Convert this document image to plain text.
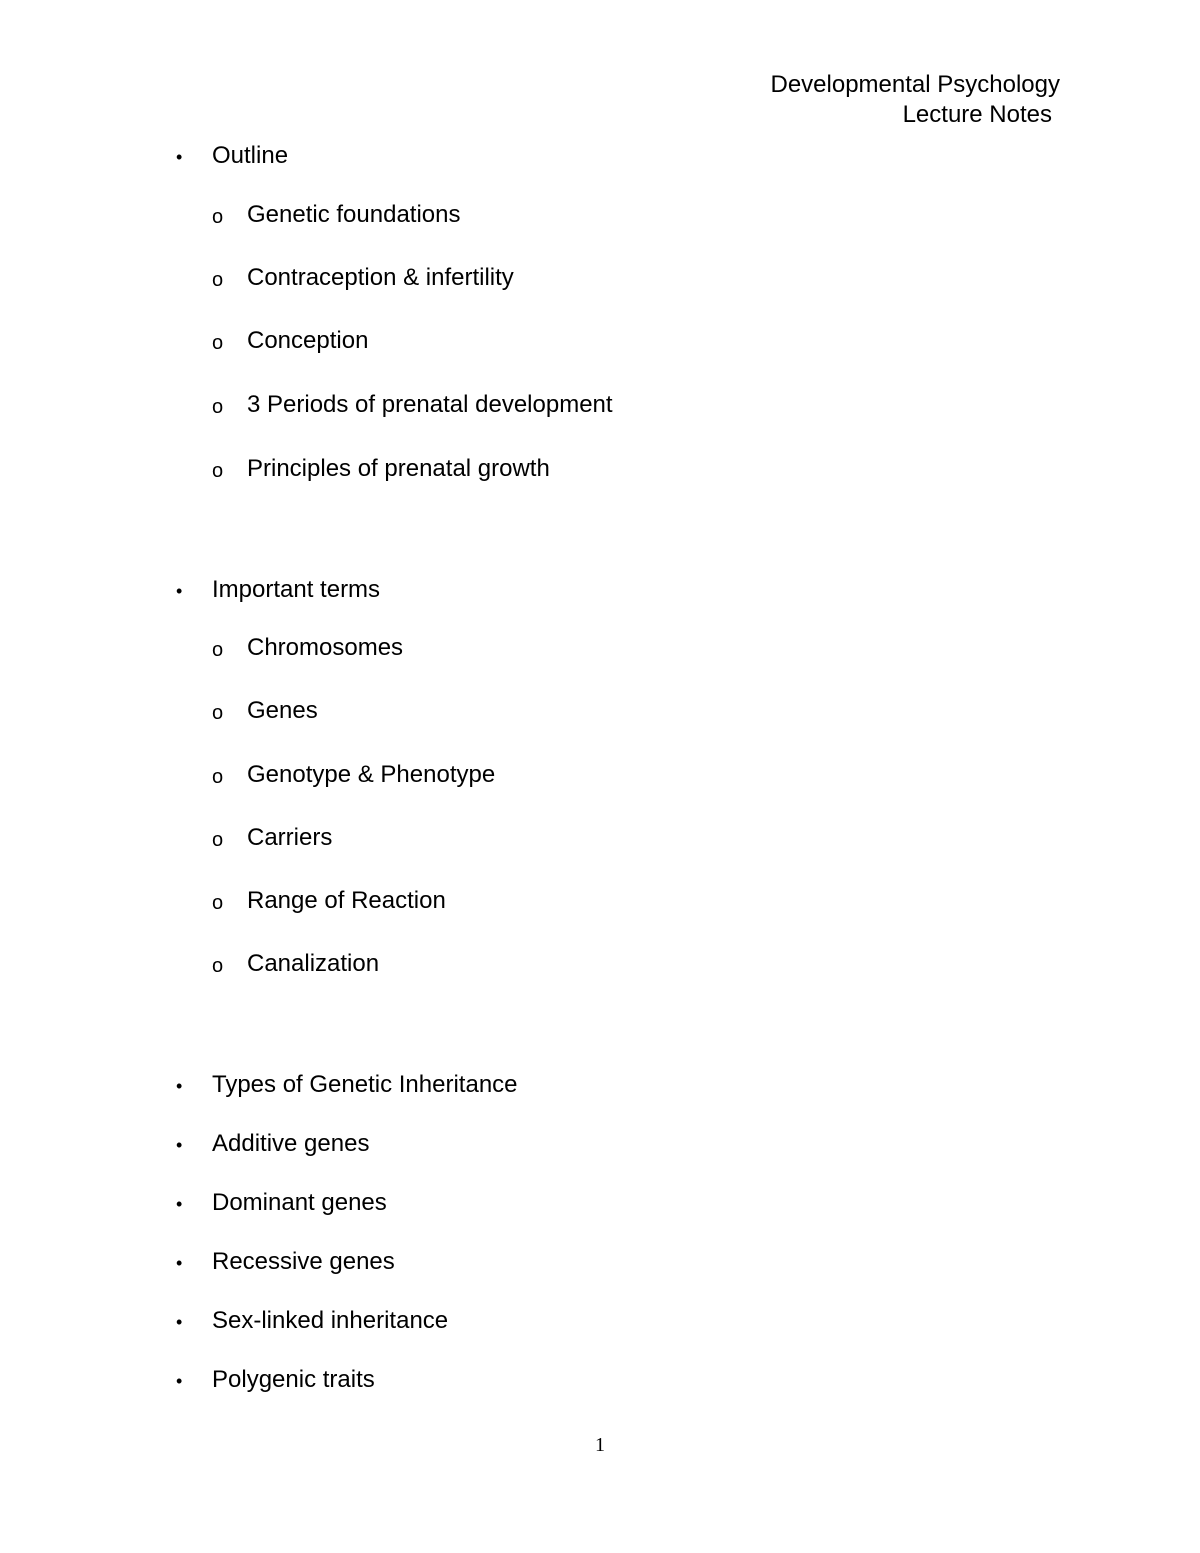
Developmental Psychology
Lecture Notes
• Outline
o Genetic foundations
o Contraception & infertility
o Conception
o 3 Periods of prenatal development
o Principles of prenatal growth
• Important terms
o Chromosomes
o Genes
o Genotype & Phenotype
o Carriers
o Range of Reaction
o Canalization
• Types of Genetic Inheritance
• Additive genes
• Dominant genes
• Recessive genes
• Sex-linked inheritance
• Polygenic traits
1
